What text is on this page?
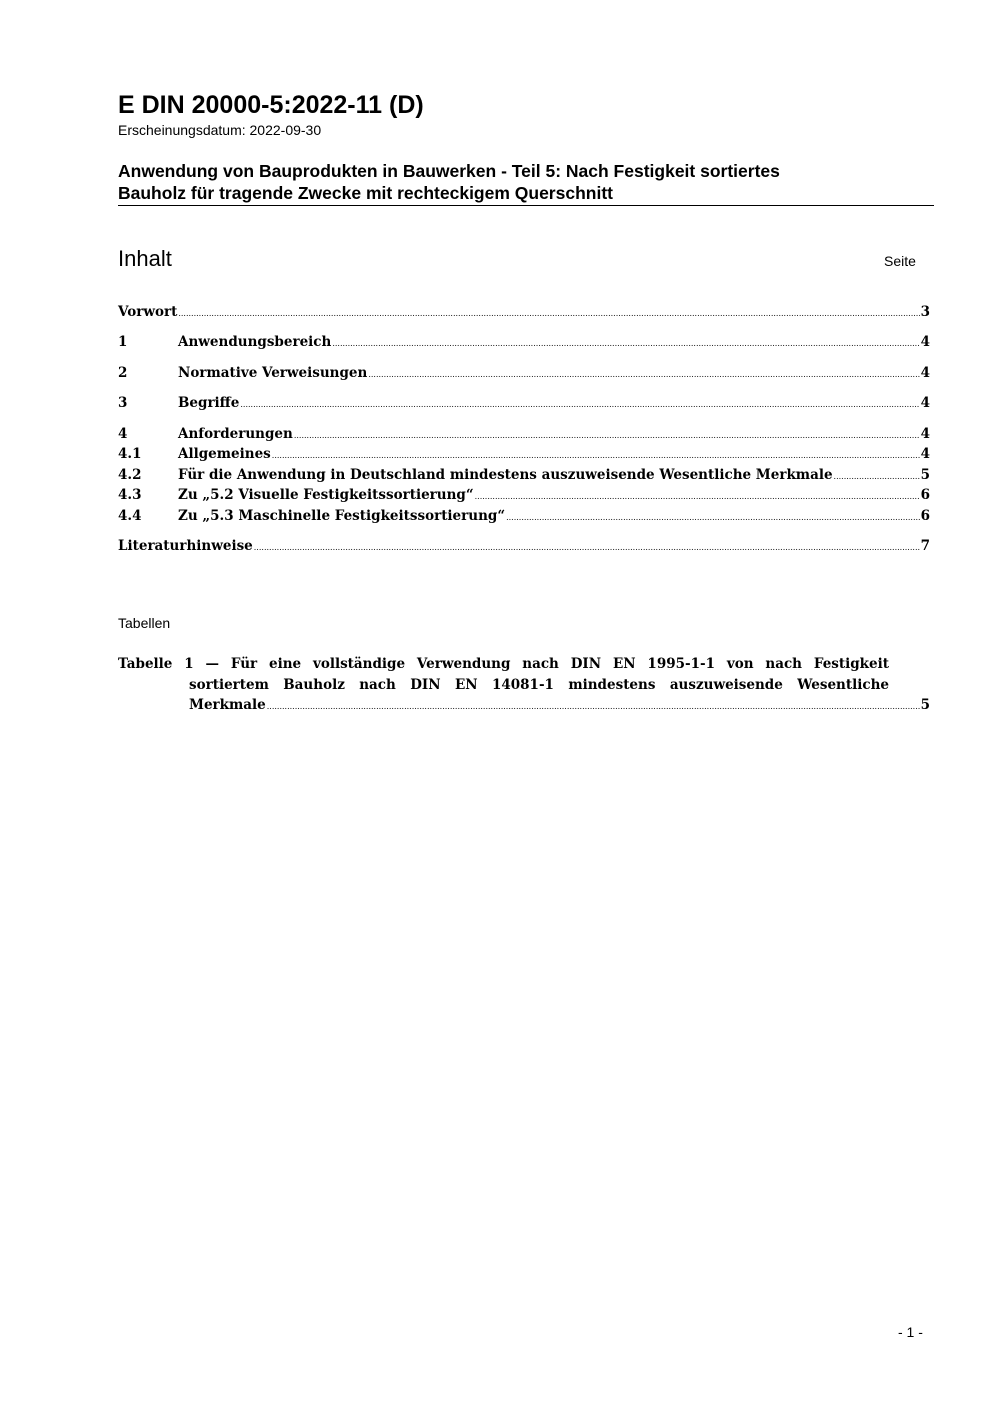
E DIN 20000-5:2022-11 (D)
Erscheinungsdatum: 2022-09-30
Anwendung von Bauprodukten in Bauwerken - Teil 5: Nach Festigkeit sortiertes
Bauholz für tragende Zwecke mit rechteckigem Querschnitt
Inhalt	Seite
Vorwort .....	3
1	Anwendungsbereich .....	4
2	Normative Verweisungen .....	4
3	Begriffe .....	4
4	Anforderungen .....	4
4.1	Allgemeines .....	4
4.2	Für die Anwendung in Deutschland mindestens auszuweisende Wesentliche Merkmale .....	5
4.3	Zu „5.2 Visuelle Festigkeitssortierung“ .....	6
4.4	Zu „5.3 Maschinelle Festigkeitssortierung“ .....	6
Literaturhinweise .....	7
Tabellen
Tabelle 1 — Für eine vollständige Verwendung nach DIN EN 1995-1-1 von nach Festigkeit
sortiertem Bauholz nach DIN EN 14081-1 mindestens auszuweisende Wesentliche
Merkmale .....	5
- 1 -
